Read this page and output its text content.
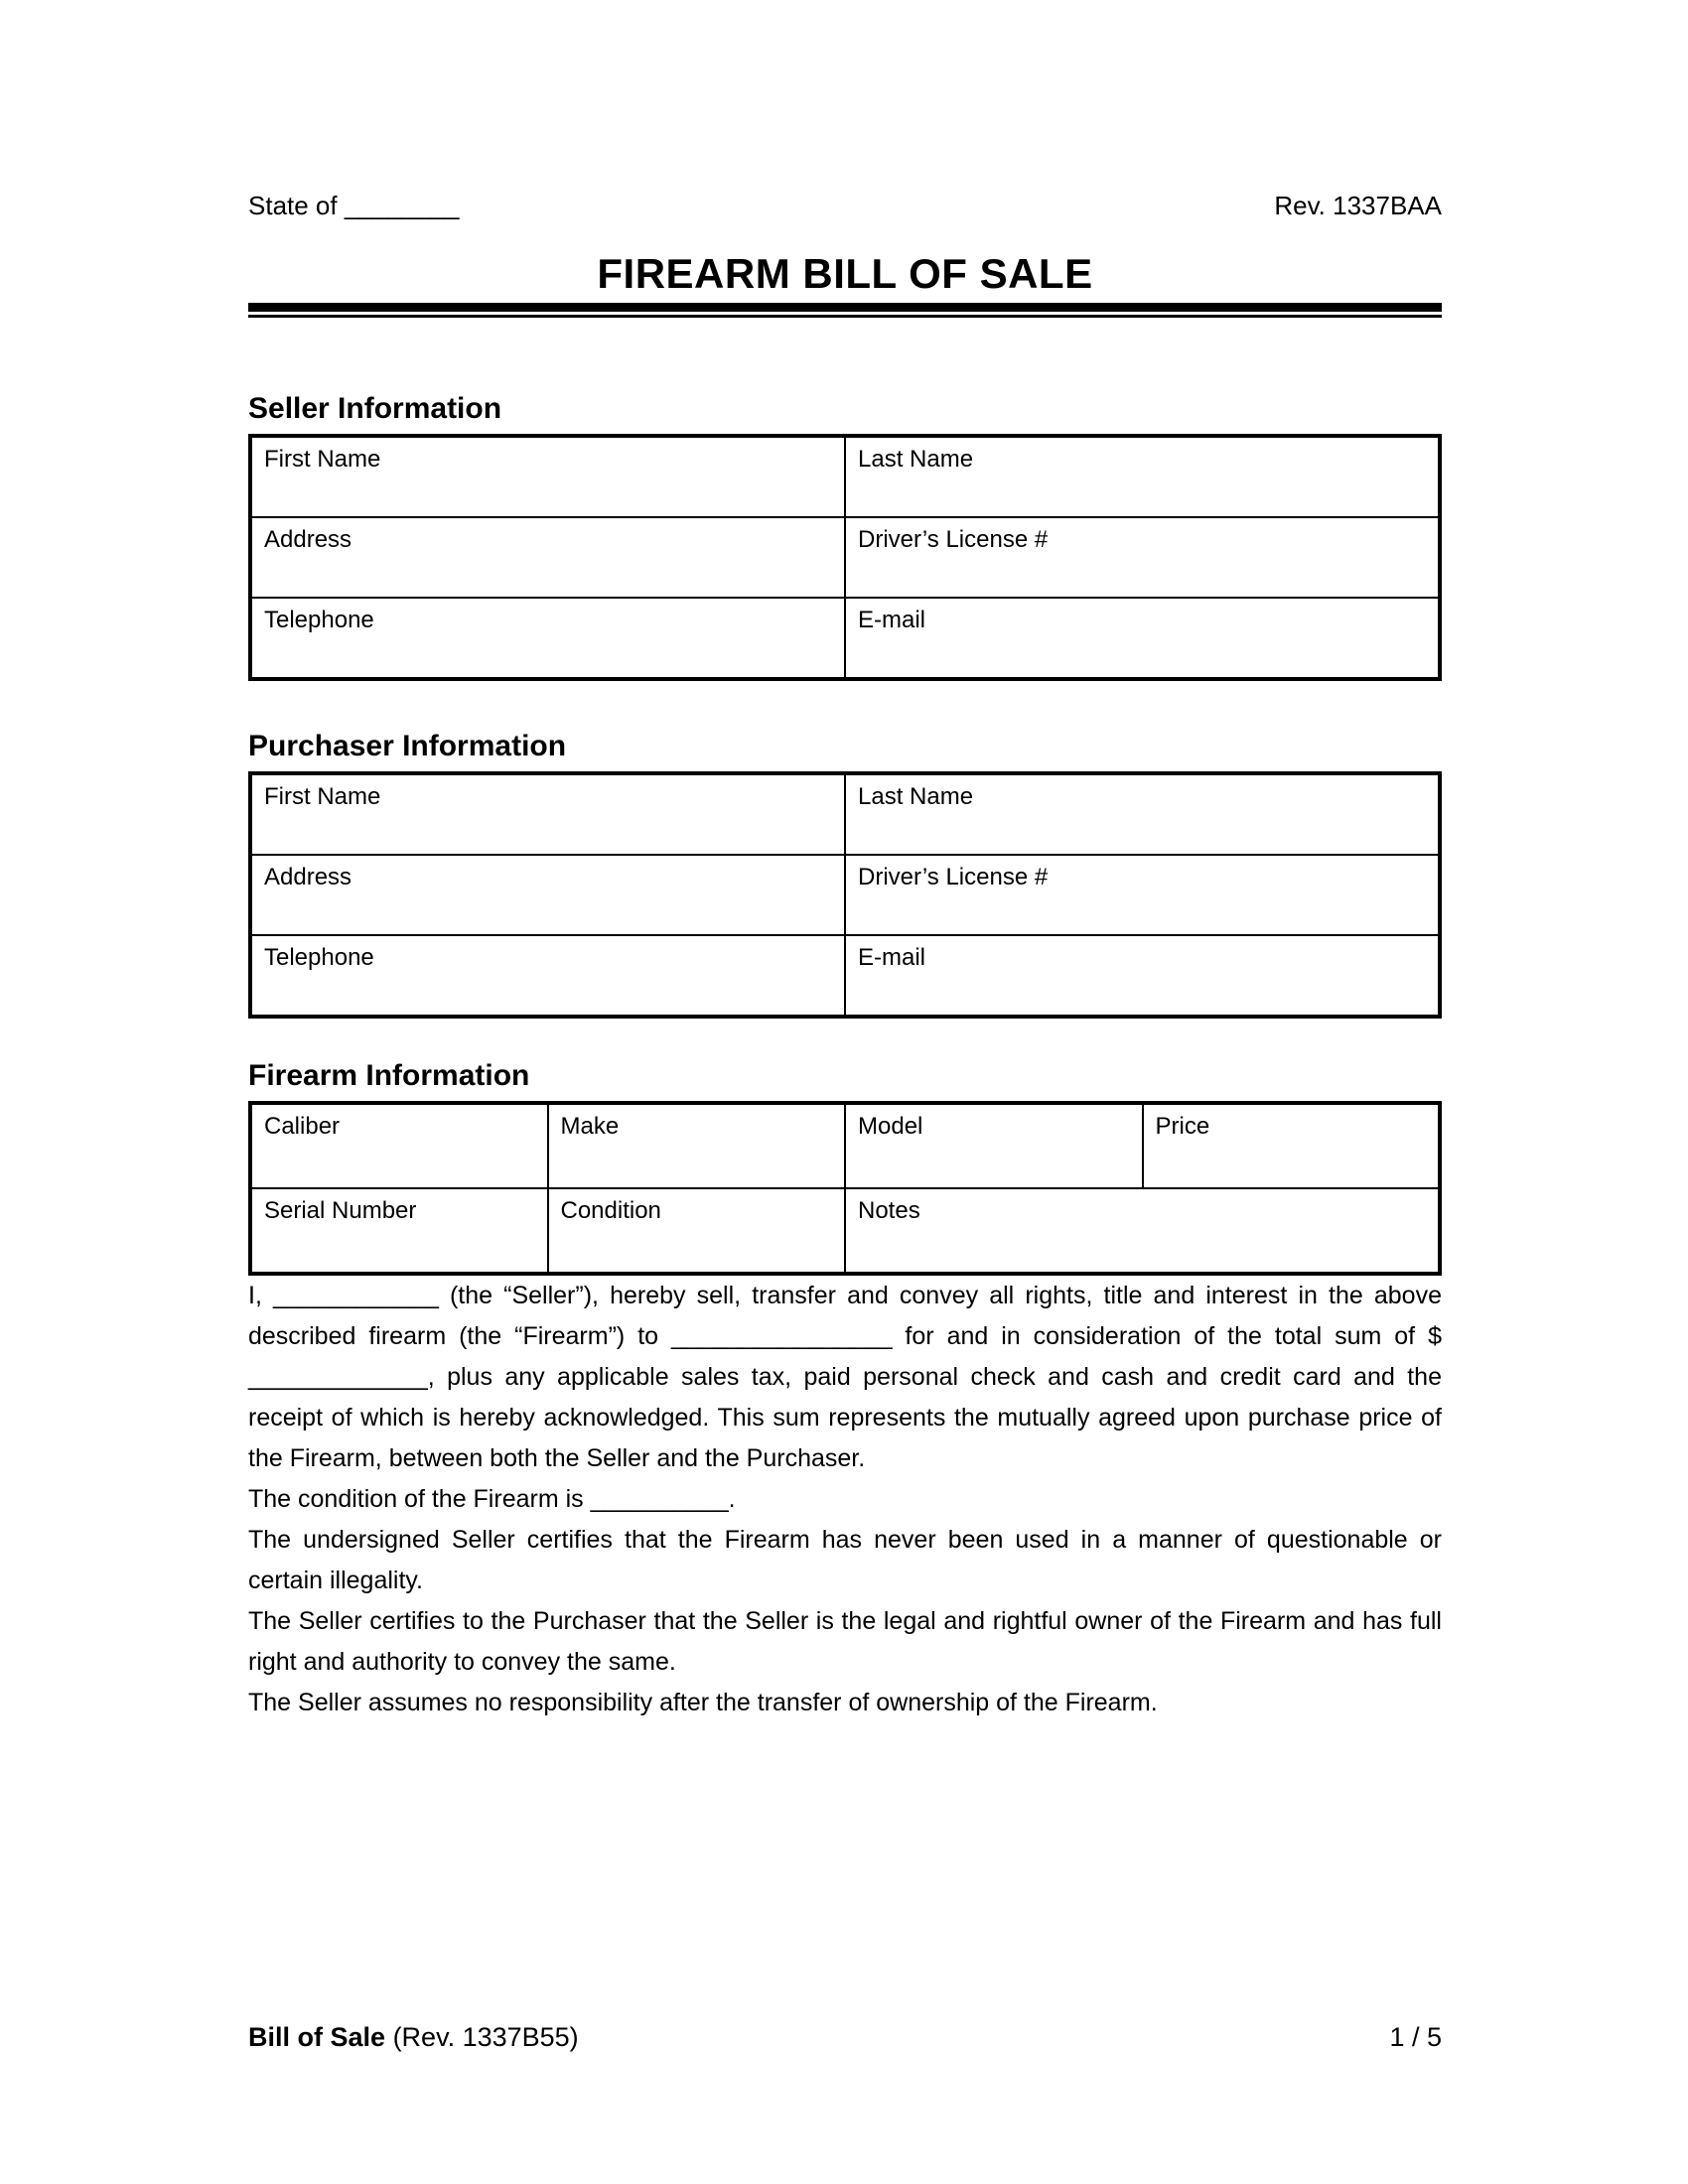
State of ________	Rev. 1337BAA
FIREARM BILL OF SALE
Seller Information
First Name	Last Name
Address	Driver’s License #
Telephone	E-mail
Purchaser Information
First Name	Last Name
Address	Driver’s License #
Telephone	E-mail
Firearm Information
Caliber	Make	Model	Price
Serial Number	Condition	Notes	

I, ____________ (the “Seller”), hereby sell, transfer and convey all rights, title and interest in the above described firearm (the “Firearm”) to ________________ for and in consideration of the total sum of $ _____________, plus any applicable sales tax, paid personal check and cash and credit card and the receipt of which is hereby acknowledged. This sum represents the mutually agreed upon purchase price of the Firearm, between both the Seller and the Purchaser.

The condition of the Firearm is __________.

The undersigned Seller certifies that the Firearm has never been used in a manner of questionable or certain illegality.

The Seller certifies to the Purchaser that the Seller is the legal and rightful owner of the Firearm and has full right and authority to convey the same.

The Seller assumes no responsibility after the transfer of ownership of the Firearm.

Bill of Sale (Rev. 1337B55)	1 / 5
